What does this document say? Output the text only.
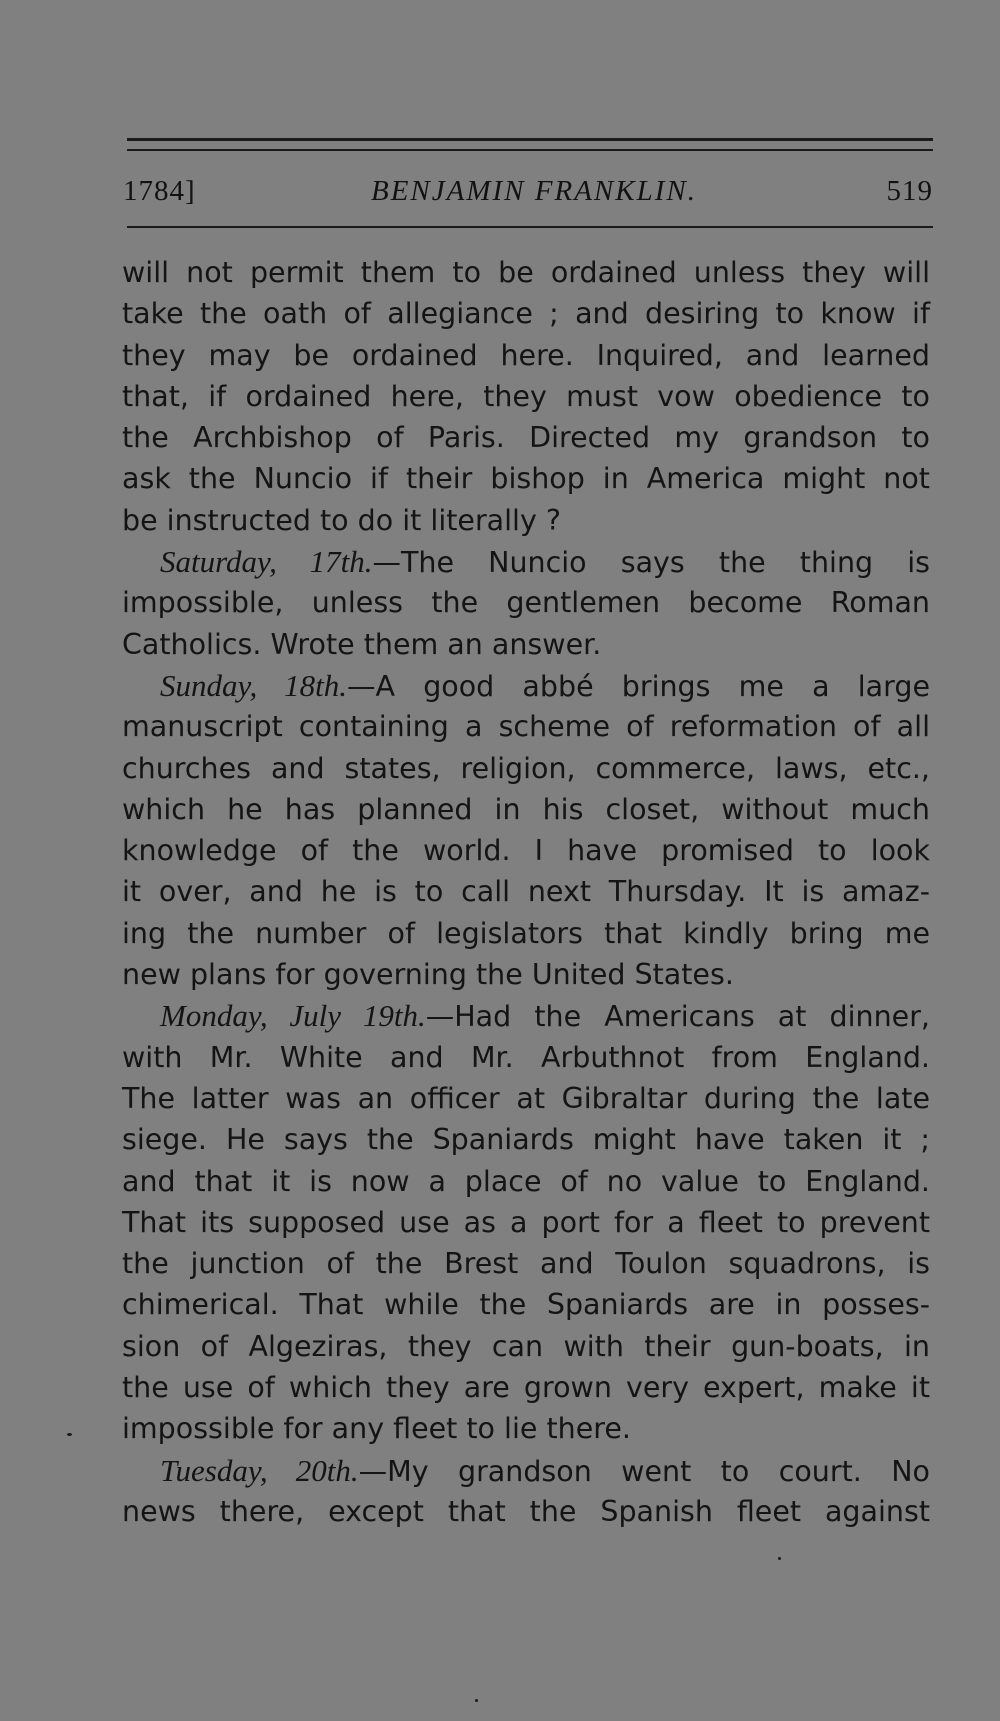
1784]	BENJAMIN FRANKLIN.	519
will not permit them to be ordained unless they will
take the oath of allegiance ; and desiring to know if
they may be ordained here. Inquired, and learned
that, if ordained here, they must vow obedience to
the Archbishop of Paris. Directed my grandson to
ask the Nuncio if their bishop in America might not
be instructed to do it literally ?
Saturday, 17th.—The Nuncio says the thing is
impossible, unless the gentlemen become Roman
Catholics. Wrote them an answer.
Sunday, 18th.—A good abbé brings me a large
manuscript containing a scheme of reformation of all
churches and states, religion, commerce, laws, etc.,
which he has planned in his closet, without much
knowledge of the world. I have promised to look
it over, and he is to call next Thursday. It is amaz-
ing the number of legislators that kindly bring me
new plans for governing the United States.
Monday, July 19th.—Had the Americans at dinner,
with Mr. White and Mr. Arbuthnot from England.
The latter was an officer at Gibraltar during the late
siege. He says the Spaniards might have taken it ;
and that it is now a place of no value to England.
That its supposed use as a port for a fleet to prevent
the junction of the Brest and Toulon squadrons, is
chimerical. That while the Spaniards are in posses-
sion of Algeziras, they can with their gun-boats, in
the use of which they are grown very expert, make it
impossible for any fleet to lie there.
Tuesday, 20th.—My grandson went to court. No
news there, except that the Spanish fleet against
